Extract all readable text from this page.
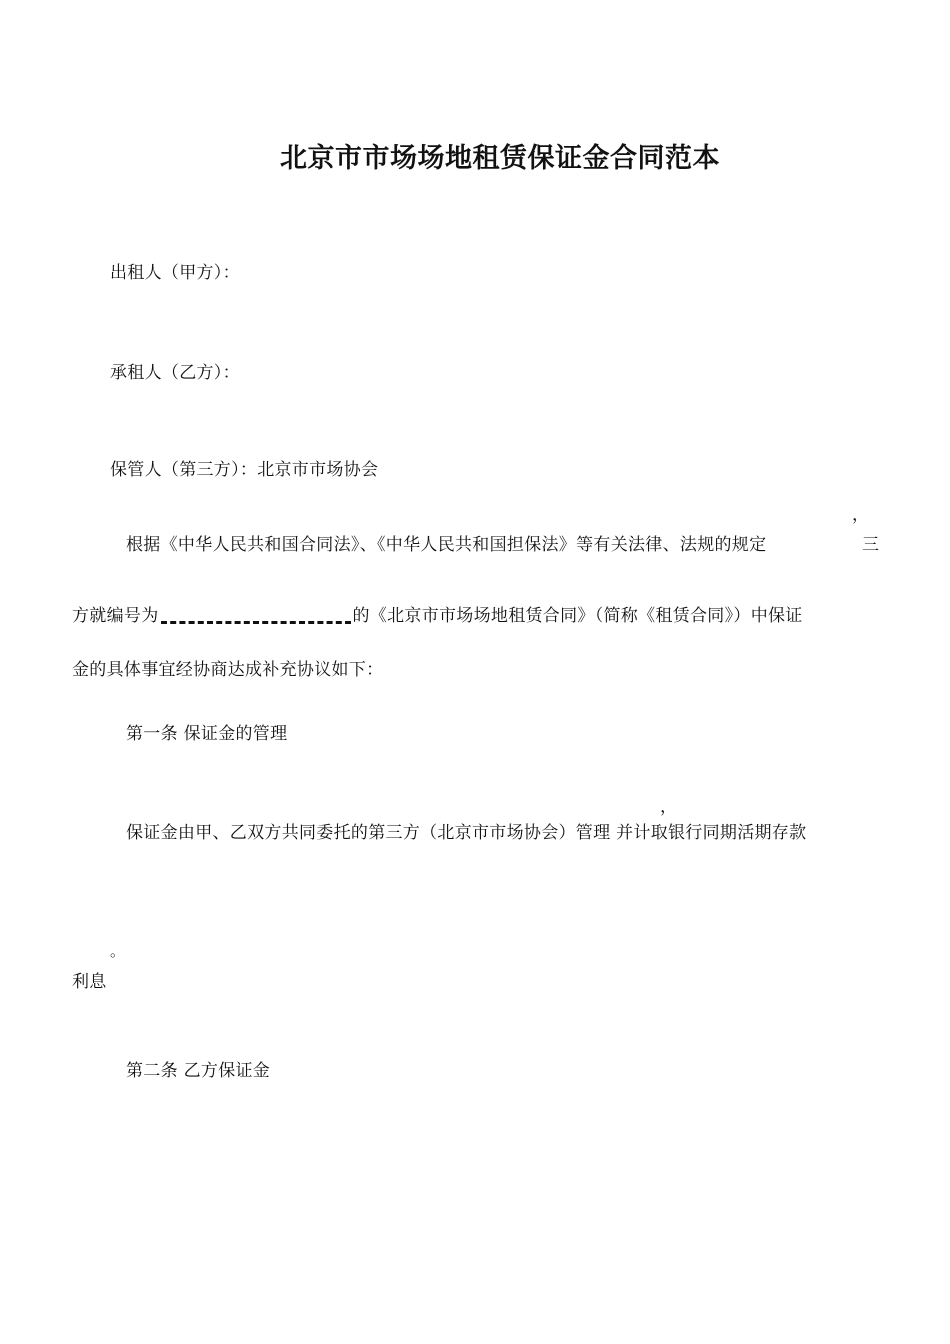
北京市市场场地租赁保证金合同范本
出租人（甲方）：
承租人（乙方）：
保管人（第三方）：北京市市场协会
，
根据《中华人民共和国合同法》、《中华人民共和国担保法》等有关法律、法规的规定	三
方就编号为	的《北京市市场场地租赁合同》（简称《租赁合同》）中保证
金的具体事宜经协商达成补充协议如下：
第一条 保证金的管理
，
保证金由甲、乙双方共同委托的第三方（北京市市场协会）管理 并计取银行同期活期存款
。
利息
第二条 乙方保证金
